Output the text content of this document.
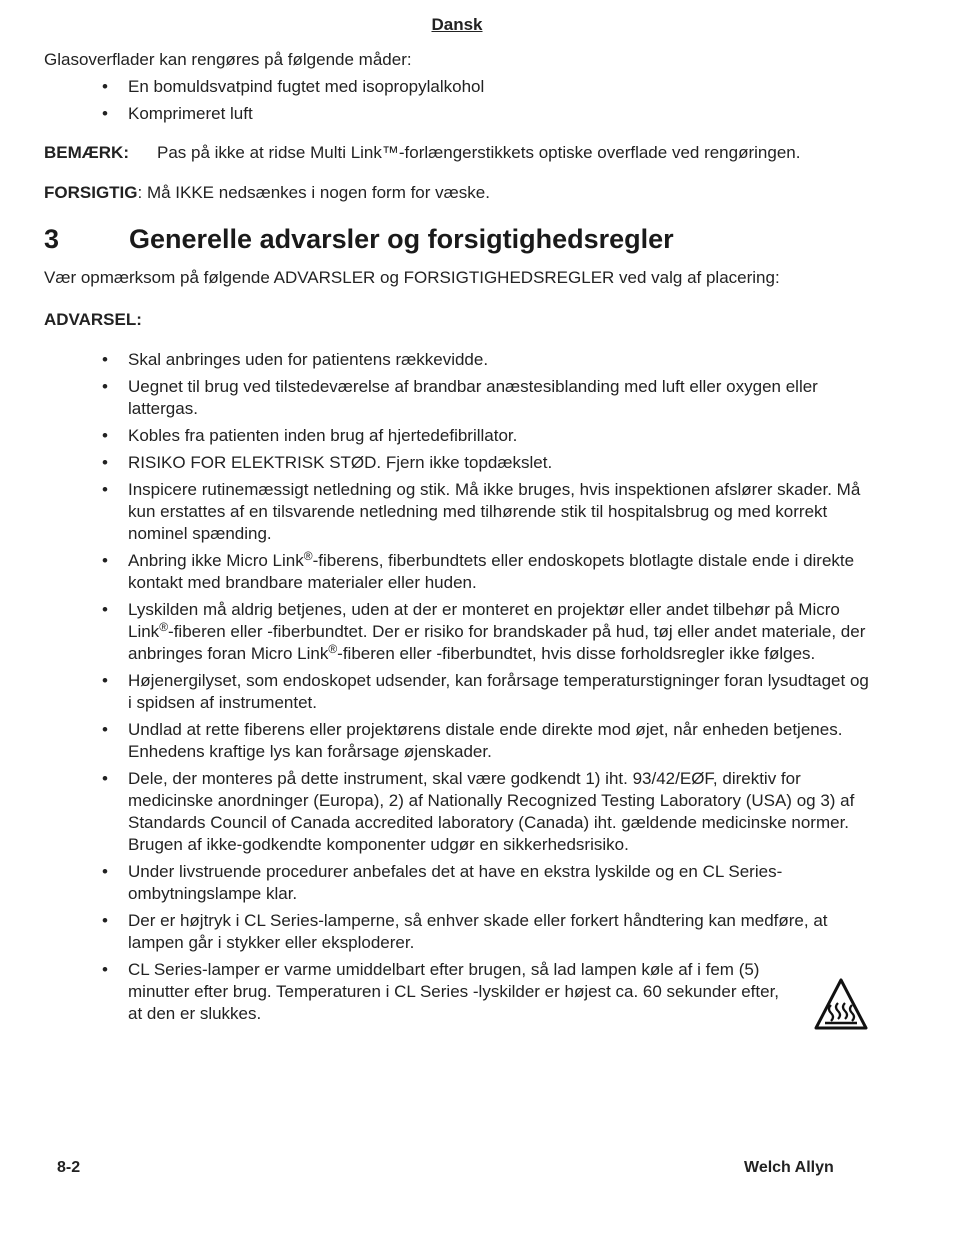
Dansk
Glasoverflader kan rengøres på følgende måder:
• En bomuldsvatpind fugtet med isopropylalkohol
• Komprimeret luft
BEMÆRK: Pas på ikke at ridse Multi Link™-forlængerstikkets optiske overflade ved rengøringen.
FORSIGTIG: Må IKKE nedsænkes i nogen form for væske.
3	Generelle advarsler og forsigtighedsregler
Vær opmærksom på følgende ADVARSLER og FORSIGTIGHEDSREGLER ved valg af placering:
ADVARSEL:
• Skal anbringes uden for patientens rækkevidde.
• Uegnet til brug ved tilstedeværelse af brandbar anæstesiblanding med luft eller oxygen eller lattergas.
• Kobles fra patienten inden brug af hjertedefibrillator.
• RISIKO FOR ELEKTRISK STØD. Fjern ikke topdækslet.
• Inspicere rutinemæssigt netledning og stik. Må ikke bruges, hvis inspektionen afslører skader. Må kun erstattes af en tilsvarende netledning med tilhørende stik til hospitalsbrug og med korrekt nominel spænding.
• Anbring ikke Micro Link®-fiberens, fiberbundtets eller endoskopets blotlagte distale ende i direkte kontakt med brandbare materialer eller huden.
• Lyskilden må aldrig betjenes, uden at der er monteret en projektør eller andet tilbehør på Micro Link®-fiberen eller -fiberbundtet. Der er risiko for brandskader på hud, tøj eller andet materiale, der anbringes foran Micro Link®-fiberen eller -fiberbundtet, hvis disse forholdsregler ikke følges.
• Højenergilyset, som endoskopet udsender, kan forårsage temperaturstigninger foran lysudtaget og i spidsen af instrumentet.
• Undlad at rette fiberens eller projektørens distale ende direkte mod øjet, når enheden betjenes. Enhedens kraftige lys kan forårsage øjenskader.
• Dele, der monteres på dette instrument, skal være godkendt 1) iht. 93/42/EØF, direktiv for medicinske anordninger (Europa), 2) af Nationally Recognized Testing Laboratory (USA) og 3) af Standards Council of Canada accredited laboratory (Canada) iht. gældende medicinske normer. Brugen af ikke-godkendte komponenter udgør en sikkerhedsrisiko.
• Under livstruende procedurer anbefales det at have en ekstra lyskilde og en CL Series-ombytningslampe klar.
• Der er højtryk i CL Series-lamperne, så enhver skade eller forkert håndtering kan medføre, at lampen går i stykker eller eksploderer.
• CL Series-lamper er varme umiddelbart efter brugen, så lad lampen køle af i fem (5) minutter efter brug. Temperaturen i CL Series -lyskilder er højest ca. 60 sekunder efter, at den er slukkes.
8-2	Welch Allyn
